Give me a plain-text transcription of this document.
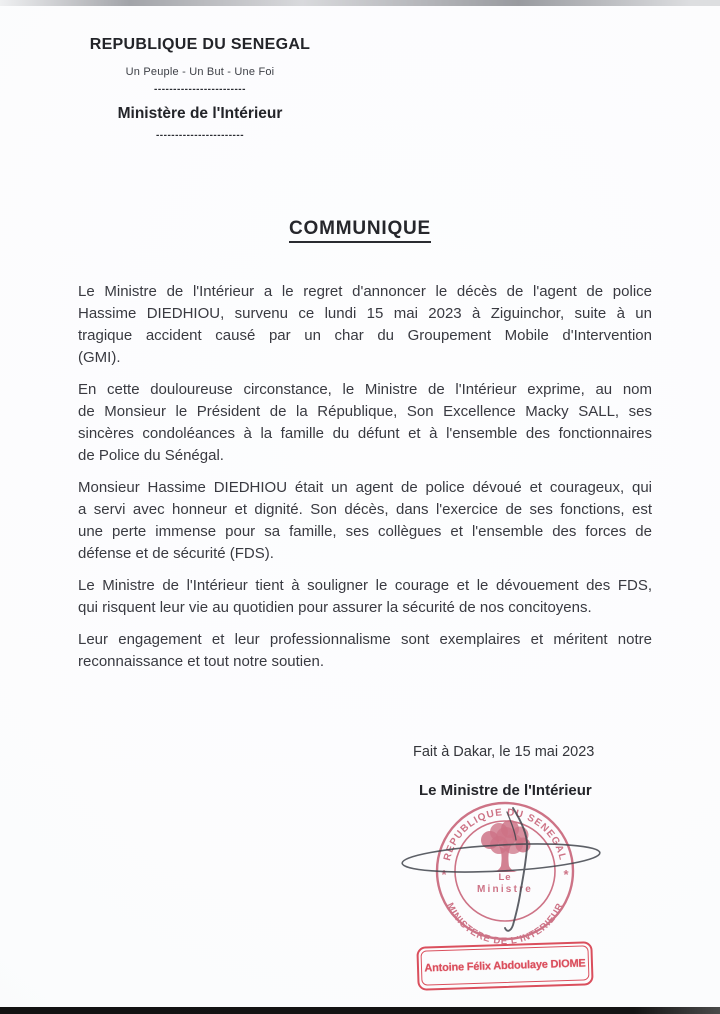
REPUBLIQUE DU SENEGAL
Un Peuple - Un But - Une Foi
------------------------
Ministère de l'Intérieur
-----------------------
COMMUNIQUE
Le Ministre de l'Intérieur a le regret d'annoncer le décès de l'agent de police
Hassime DIEDHIOU, survenu ce lundi 15 mai 2023 à Ziguinchor, suite à un
tragique accident causé par un char du Groupement Mobile d'Intervention
(GMI).
En cette douloureuse circonstance, le Ministre de l'Intérieur exprime, au nom
de Monsieur le Président de la République, Son Excellence Macky SALL, ses
sincères condoléances à la famille du défunt et à l'ensemble des fonctionnaires
de Police du Sénégal.
Monsieur Hassime DIEDHIOU était un agent de police dévoué et courageux, qui
a servi avec honneur et dignité. Son décès, dans l'exercice de ses fonctions, est
une perte immense pour sa famille, ses collègues et l'ensemble des forces de
défense et de sécurité (FDS).
Le Ministre de l'Intérieur tient à souligner le courage et le dévouement des FDS,
qui risquent leur vie au quotidien pour assurer la sécurité de nos concitoyens.
Leur engagement et leur professionnalisme sont exemplaires et méritent notre
reconnaissance et tout notre soutien.
Fait à Dakar, le 15 mai 2023
Le Ministre de l'Intérieur
REPUBLIQUE DU SENEGAL
MINISTERE DE L'INTERIEUR
*	*
Le
Ministre
Antoine Félix Abdoulaye DIOME
